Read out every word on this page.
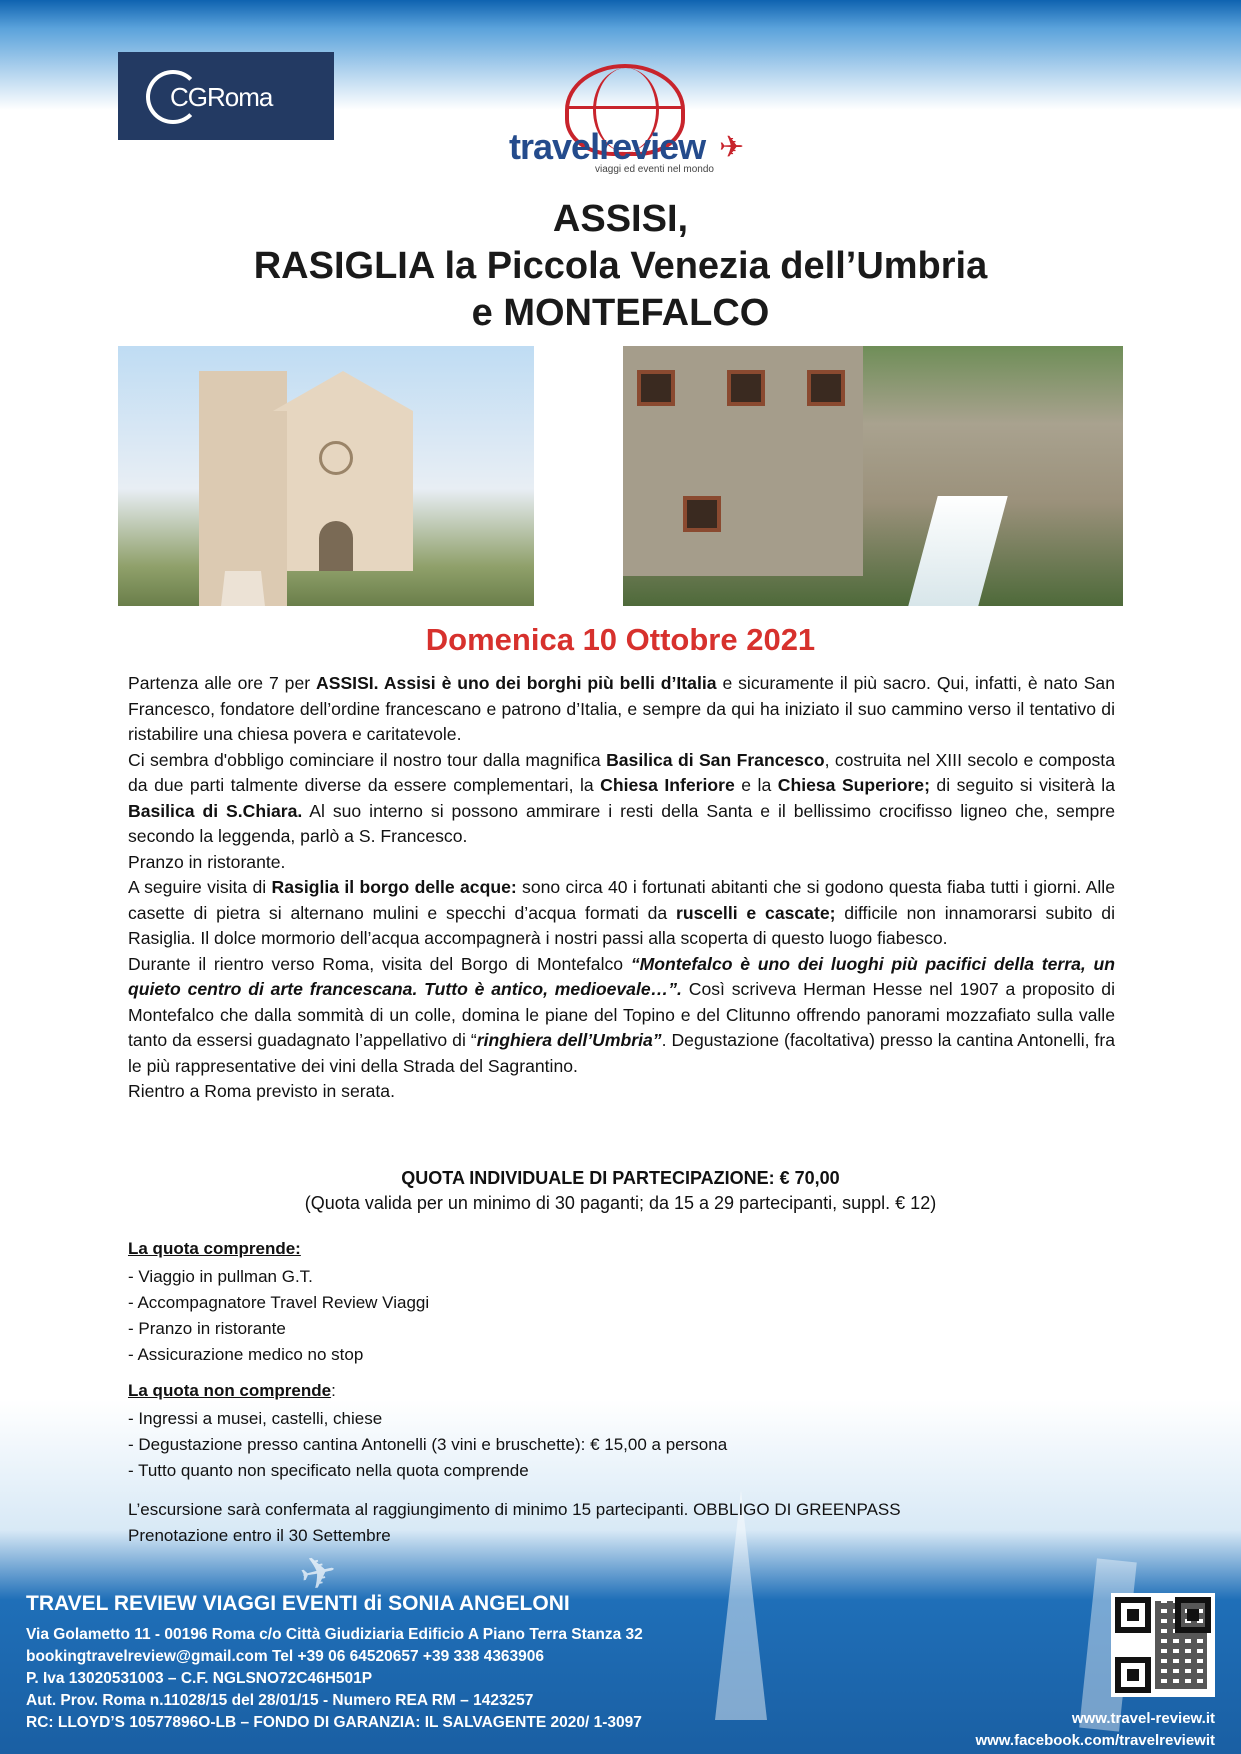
✈
CGRoma
travelreview
viaggi ed eventi nel mondo
✈
ASSISI,
RASIGLIA la Piccola Venezia dell’Umbria
e MONTEFALCO
Domenica 10 Ottobre 2021

Partenza alle ore 7 per ASSISI. Assisi è uno dei borghi più belli d’Italia e sicuramente il più sacro. Qui, infatti, è nato San Francesco, fondatore dell’ordine francescano e patrono d’Italia, e sempre da qui ha iniziato il suo cammino verso il tentativo di ristabilire una chiesa povera e caritatevole.

Ci sembra d'obbligo cominciare il nostro tour dalla magnifica Basilica di San Francesco, costruita nel XIII secolo e composta da due parti talmente diverse da essere complementari, la Chiesa Inferiore e la Chiesa Superiore; di seguito si visiterà la Basilica di S.Chiara. Al suo interno si possono ammirare i resti della Santa e il bellissimo crocifisso ligneo che, sempre secondo la leggenda, parlò a S. Francesco.

Pranzo in ristorante.

A seguire visita di Rasiglia il borgo delle acque: sono circa 40 i fortunati abitanti che si godono questa fiaba tutti i giorni. Alle casette di pietra si alternano mulini e specchi d’acqua formati da ruscelli e cascate; difficile non innamorarsi subito di Rasiglia. Il dolce mormorio dell’acqua accompagnerà i nostri passi alla scoperta di questo luogo fiabesco.

Durante il rientro verso Roma, visita del Borgo di Montefalco “Montefalco è uno dei luoghi più pacifici della terra, un quieto centro di arte francescana. Tutto è antico, medioevale…”. Così scriveva Herman Hesse nel 1907 a proposito di Montefalco che dalla sommità di un colle, domina le piane del Topino e del Clitunno offrendo panorami mozzafiato sulla valle tanto da essersi guadagnato l’appellativo di “ringhiera dell’Umbria”. Degustazione (facoltativa) presso la cantina Antonelli, fra le più rappresentative dei vini della Strada del Sagrantino.

Rientro a Roma previsto in serata.

QUOTA INDIVIDUALE DI PARTECIPAZIONE: € 70,00
(Quota valida per un minimo di 30 paganti; da 15 a 29 partecipanti, suppl. € 12)
La quota comprende:
- Viaggio in pullman G.T.
- Accompagnatore Travel Review Viaggi
- Pranzo in ristorante
- Assicurazione medico no stop
La quota non comprende:
- Ingressi a musei, castelli, chiese
- Degustazione presso cantina Antonelli (3 vini e bruschette): € 15,00 a persona
- Tutto quanto non specificato nella quota comprende
L’escursione sarà confermata al raggiungimento di minimo 15 partecipanti. OBBLIGO DI GREENPASS
Prenotazione entro il 30 Settembre
TRAVEL REVIEW VIAGGI EVENTI di SONIA ANGELONI
Via Golametto 11 - 00196 Roma c/o Città Giudiziaria Edificio A Piano Terra Stanza 32
bookingtravelreview@gmail.com Tel +39 06 64520657 +39 338 4363906
P. Iva 13020531003 – C.F. NGLSNO72C46H501P
Aut. Prov. Roma n.11028/15 del 28/01/15 - Numero REA RM – 1423257
RC: LLOYD’S 10577896O-LB – FONDO DI GARANZIA: IL SALVAGENTE 2020/ 1-3097	www.travel-review.it
www.facebook.com/travelreviewit
